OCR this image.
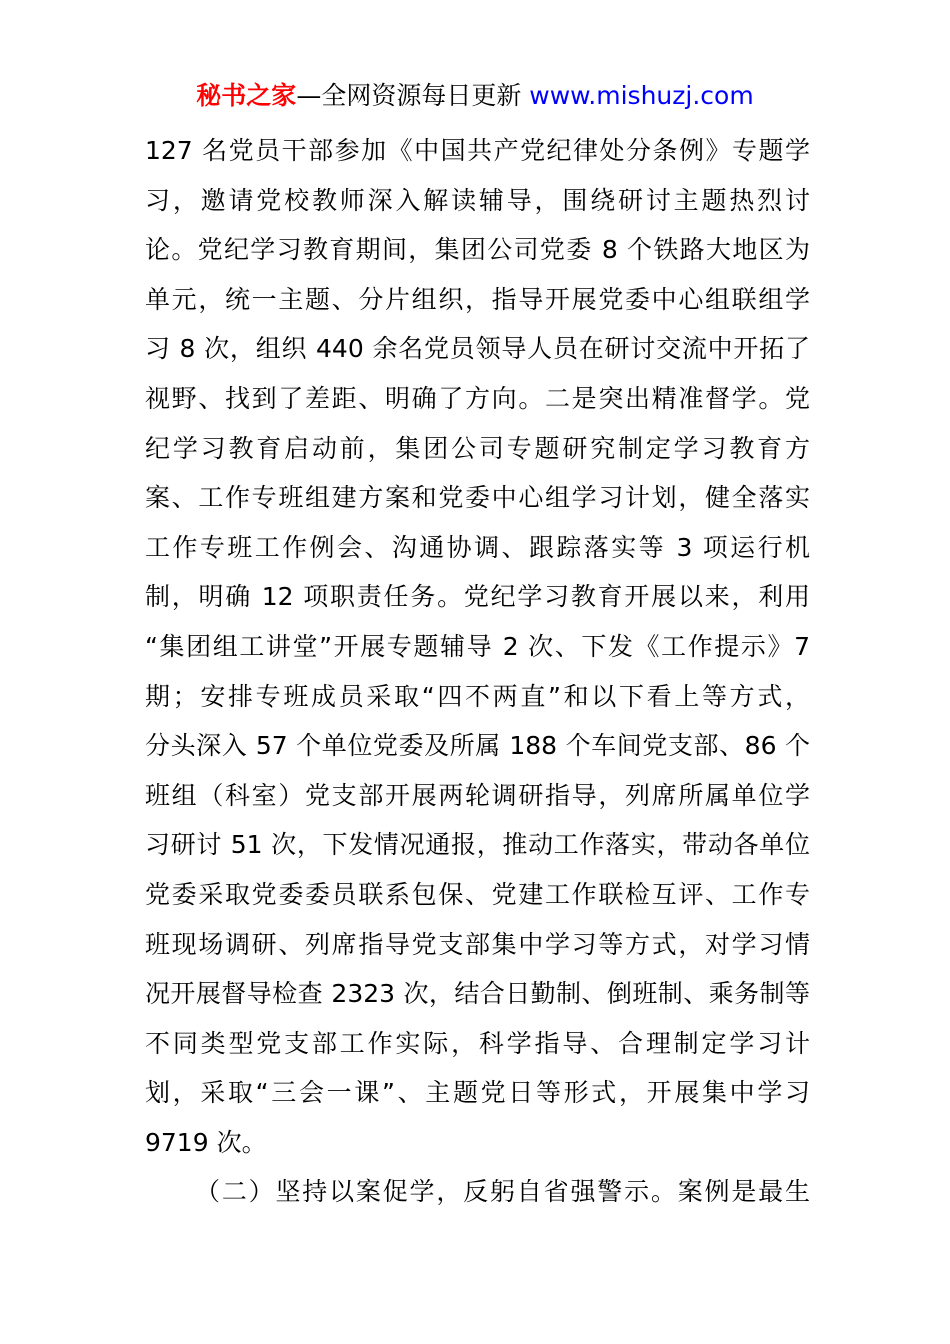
秘书之家—全网资源每日更新 www.mishuzj.com
127 名党员干部参加《中国共产党纪律处分条例》专题学
习，邀请党校教师深入解读辅导，围绕研讨主题热烈讨
论。党纪学习教育期间，集团公司党委 8 个铁路大地区为
单元，统一主题、分片组织，指导开展党委中心组联组学
习 8 次，组织 440 余名党员领导人员在研讨交流中开拓了
视野、找到了差距、明确了方向。二是突出精准督学。党
纪学习教育启动前，集团公司专题研究制定学习教育方
案、工作专班组建方案和党委中心组学习计划，健全落实
工作专班工作例会、沟通协调、跟踪落实等 3 项运行机
制，明确 12 项职责任务。党纪学习教育开展以来，利用
“集团组工讲堂”开展专题辅导 2 次、下发《工作提示》7
期；安排专班成员采取“四不两直”和以下看上等方式，
分头深入 57 个单位党委及所属 188 个车间党支部、86 个
班组（科室）党支部开展两轮调研指导，列席所属单位学
习研讨 51 次，下发情况通报，推动工作落实，带动各单位
党委采取党委委员联系包保、党建工作联检互评、工作专
班现场调研、列席指导党支部集中学习等方式，对学习情
况开展督导检查 2323 次，结合日勤制、倒班制、乘务制等
不同类型党支部工作实际，科学指导、合理制定学习计
划，采取“三会一课”、主题党日等形式，开展集中学习
9719 次。
（二）坚持以案促学，反躬自省强警示。案例是最生
